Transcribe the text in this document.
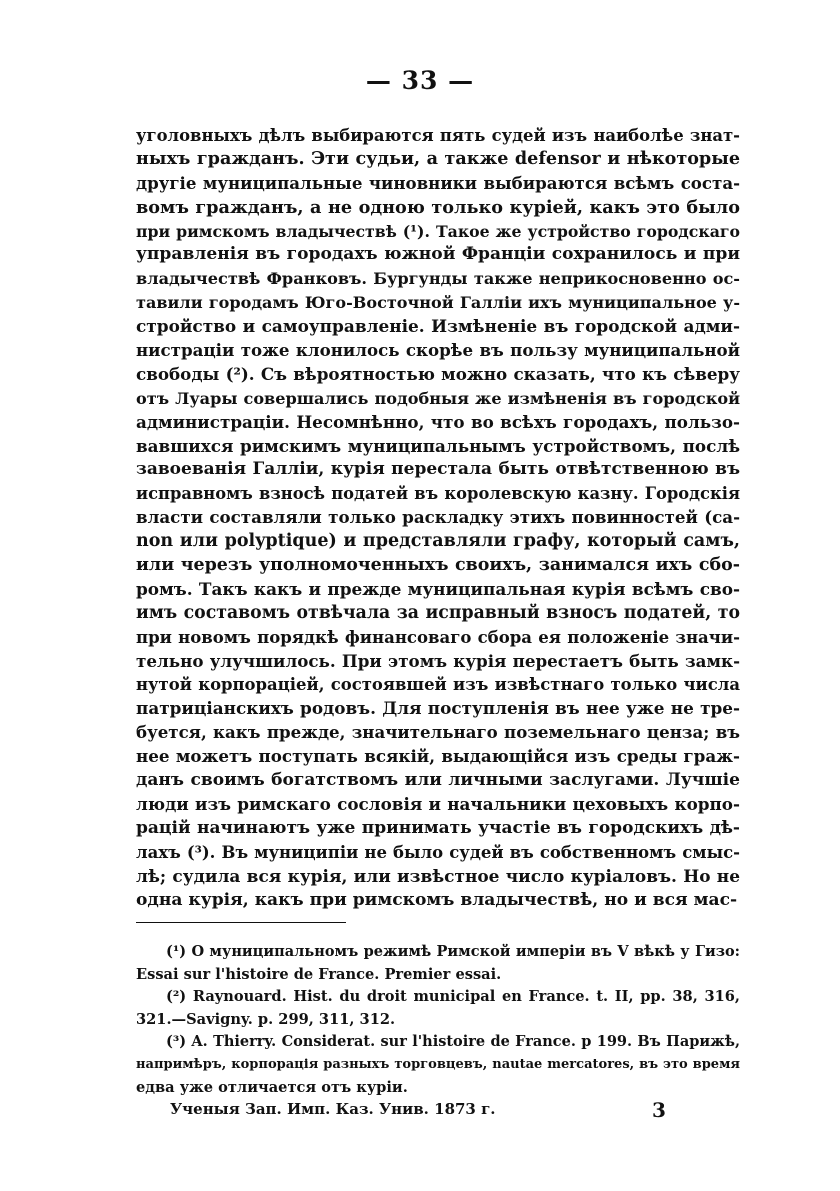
— 33 —
уголовныхъ дѣлъ выбираются пять судей изъ наиболѣе знат-
ныхъ гражданъ. Эти судьи, а также defensor и нѣкоторые
другіе муниципальные чиновники выбираются всѣмъ соста-
вомъ гражданъ, а не одною только куріей, какъ это было
при римскомъ владычествѣ (¹). Такое же устройство городскаго
управленія въ городахъ южной Франціи сохранилось и при
владычествѣ Франковъ. Бургунды также неприкосновенно ос-
тавили городамъ Юго-Восточной Галліи ихъ муниципальное у-
стройство и самоуправленіе. Измѣненіе въ городской адми-
нистраціи тоже клонилось скорѣе въ пользу муниципальной
свободы (²). Съ вѣроятностью можно сказать, что къ сѣверу
отъ Луары совершались подобныя же измѣненія въ городской
администраціи. Несомнѣнно, что во всѣхъ городахъ, пользо-
вавшихся римскимъ муниципальнымъ устройствомъ, послѣ
завоеванія Галліи, курія перестала быть отвѣтственною въ
исправномъ взносѣ податей въ королевскую казну. Городскія
власти составляли только раскладку этихъ повинностей (ca-
non или polyptique) и представляли графу, который самъ,
или черезъ уполномоченныхъ своихъ, занимался ихъ сбо-
ромъ. Такъ какъ и прежде муниципальная курія всѣмъ сво-
имъ составомъ отвѣчала за исправный взносъ податей, то
при новомъ порядкѣ финансоваго сбора ея положеніе значи-
тельно улучшилось. При этомъ курія перестаетъ быть замк-
нутой корпораціей, состоявшей изъ извѣстнаго только числа
патриціанскихъ родовъ. Для поступленія въ нее уже не тре-
буется, какъ прежде, значительнаго поземельнаго ценза; въ
нее можетъ поступать всякій, выдающійся изъ среды граж-
данъ своимъ богатствомъ или личными заслугами. Лучшіе
люди изъ римскаго сословія и начальники цеховыхъ корпо-
рацій начинаютъ уже принимать участіе въ городскихъ дѣ-
лахъ (³). Въ муниципіи не было судей въ собственномъ смыс-
лѣ; судила вся курія, или извѣстное число куріаловъ. Но не
одна курія, какъ при римскомъ владычествѣ, но и вся мас-
(¹) О муниципальномъ режимѣ Римской имперіи въ V вѣкѣ у Гизо:
Essai sur l'histoire de France. Premier essai.
(²) Raynouard. Hist. du droit municipal en France. t. II, pp. 38, 316,
321.—Savigny. p. 299, 311, 312.
(³) A. Thierry. Considerat. sur l'histoire de France. p 199. Въ Парижѣ,
напримѣръ, корпорація разныхъ торговцевъ, nautae mercatores, въ это время
едва уже отличается отъ куріи.
Ученыя Зап. Имп. Каз. Унив. 1873 г.	3
